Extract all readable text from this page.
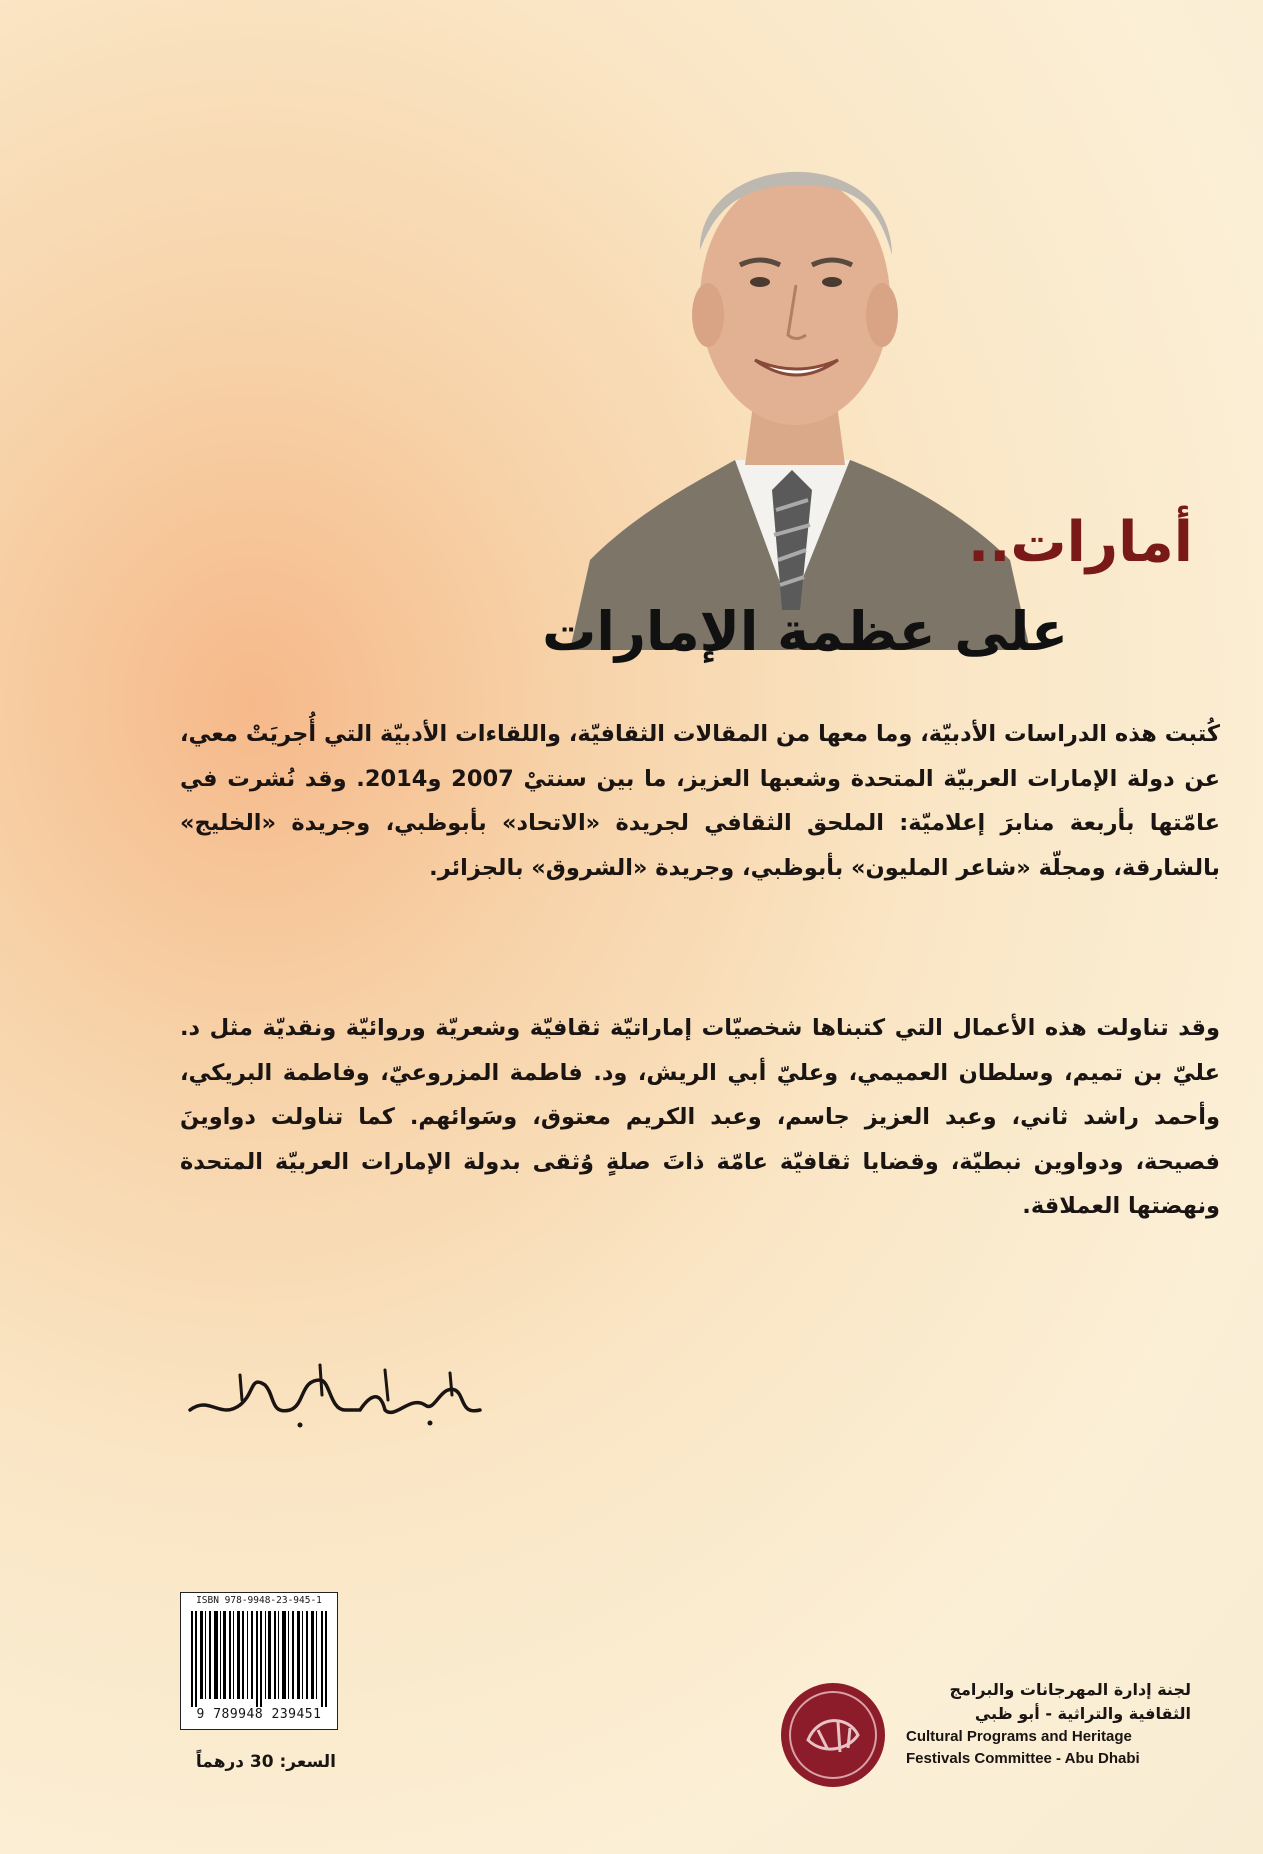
أمارات..
على عظمة الإمارات

كُتبت هذه الدراسات الأدبيّة، وما معها من المقالات الثقافيّة، واللقاءات الأدبيّة التي أُجريَتْ معي، عن دولة الإمارات العربيّة المتحدة وشعبها العزيز، ما بين سنتيْ 2007 و2014. وقد نُشرت في عامّتها بأربعة منابرَ إعلاميّة: الملحق الثقافي لجريدة «الاتحاد» بأبوظبي، وجريدة «الخليج» بالشارقة، ومجلّة «شاعر المليون» بأبوظبي، وجريدة «الشروق» بالجزائر.

وقد تناولت هذه الأعمال التي كتبناها شخصيّات إماراتيّة ثقافيّة وشعريّة وروائيّة ونقديّة مثل د. عليّ بن تميم، وسلطان العميمي، وعليّ أبي الريش، ود. فاطمة المزروعيّ، وفاطمة البريكي، وأحمد راشد ثاني، وعبد العزيز جاسم، وعبد الكريم معتوق، وسَوائهم. كما تناولت دواوينَ فصيحة، ودواوين نبطيّة، وقضايا ثقافيّة عامّة ذاتَ صلةٍ وُثقى بدولة الإمارات العربيّة المتحدة ونهضتها العملاقة.

ISBN 978-9948-23-945-1
9 789948 239451
السعر: 30 درهماً
لجنة إدارة المهرجانات والبرامج
الثقافية والتراثية - أبو ظبي
Cultural Programs and Heritage
Festivals Committee - Abu Dhabi
